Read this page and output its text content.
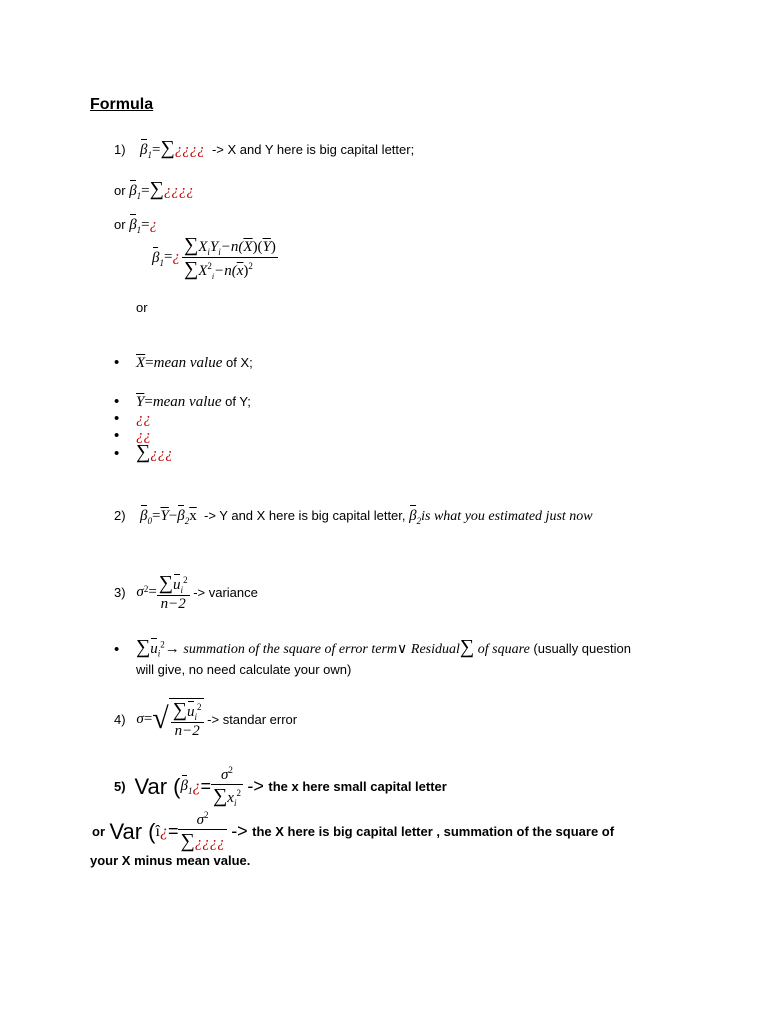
Formula
1) $\beta_1=\sum¿¿¿¿ -> X$ and Y here is big capital letter;
or $\beta_1=\sum¿¿¿¿$
or $\beta_1=¿$
$\beta_1$ = ¿ $\frac{\sum X_iY_i-n(\overline{X})(\overline{Y})}{\sum X^2_i-n(\overline{x})^2}$
or
• $\overline{X}=mean$ value of X;
• $\overline{Y}=mean$ value of Y;
• ¿¿
• ¿¿
• ∑¿¿¿
2) $\beta_0=\overline{Y}-\beta_2\overline{x} -> Y$ and X here is big capital letter, $\beta_2is$ what you estimated just now
3)
$\sigma^2 = \frac{\sum u_i^2}{n-2}$
-> variance
• $\sum u_i^2\to$ summation of the square of error term∨ Residual∑ of square (usually question
will give, no need calculate your own)
4)
σ = √ $\frac{\sum u_i^2}{n-2}$
-> standar error
5)
Var ( $\beta_1$ ¿ = $\frac{\sigma^2}{\sum x_i^2}$
->
the x here small capital letter
or
Var ( î ¿ = $\frac{\sigma^2}{\sum¿¿¿¿}$
->
the X here is big capital letter , summation of the square of
your X minus mean value.
